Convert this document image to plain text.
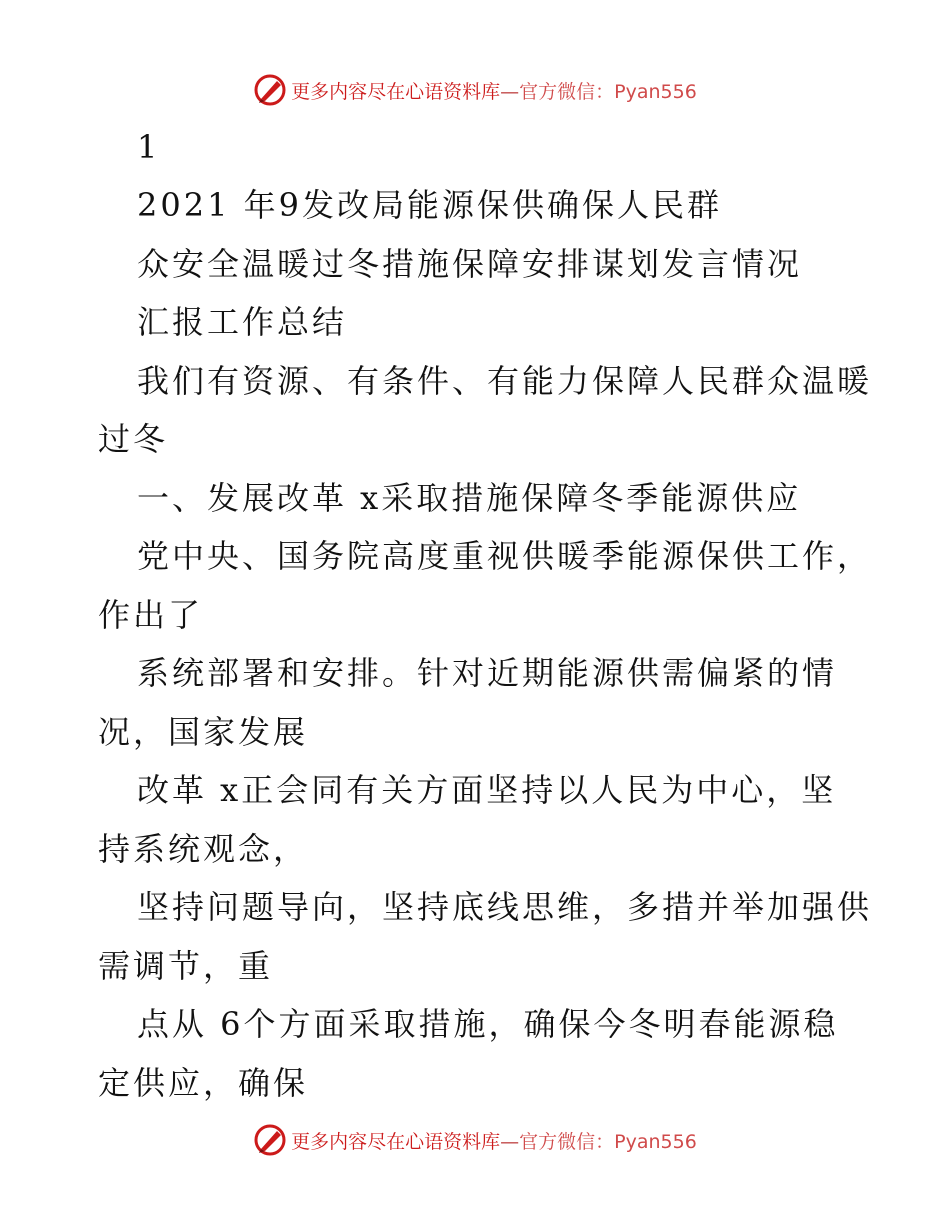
更多内容尽在心语资料库—官方微信：Pyan556
1
2021 年9发改局能源保供确保人民群
众安全温暖过冬措施保障安排谋划发言情况
汇报工作总结
我们有资源、有条件、有能力保障人民群众温暖
过冬
一、发展改革 x采取措施保障冬季能源供应
党中央、国务院高度重视供暖季能源保供工作，
作出了
系统部署和安排。针对近期能源供需偏紧的情
况，国家发展
改革 x正会同有关方面坚持以人民为中心，坚
持系统观念，
坚持问题导向，坚持底线思维，多措并举加强供
需调节，重
点从 6个方面采取措施，确保今冬明春能源稳
定供应，确保
更多内容尽在心语资料库—官方微信：Pyan556
